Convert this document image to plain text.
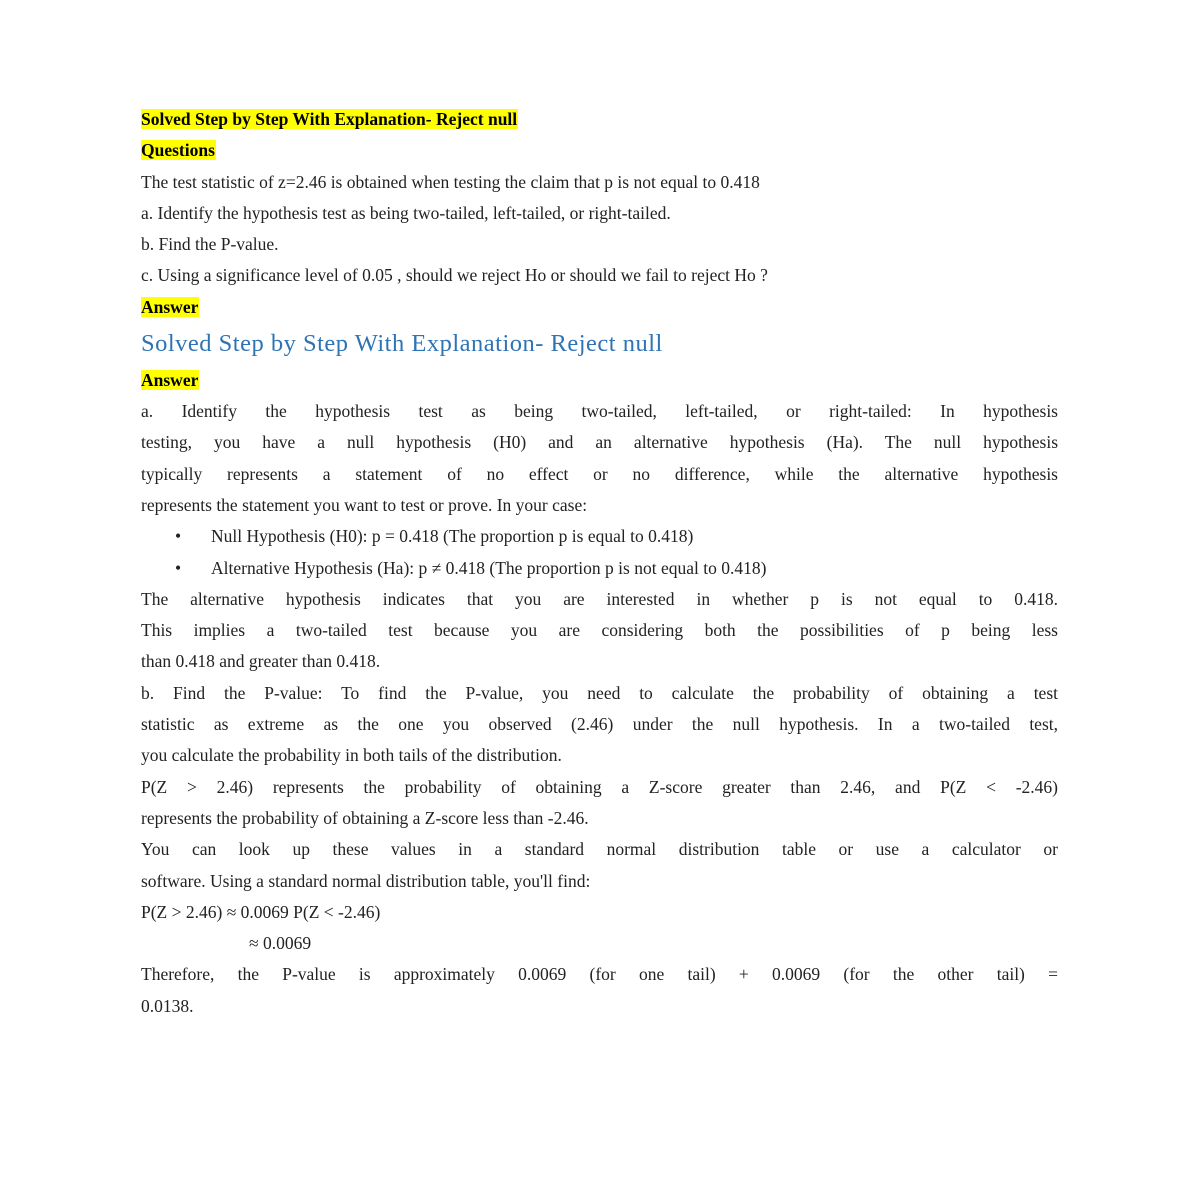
Solved Step by Step With Explanation- Reject null
Questions
The test statistic of z=2.46 is obtained when testing the claim that p is not equal to 0.418
a. Identify the hypothesis test as being two-tailed, left-tailed, or right-tailed.
b. Find the P-value.
c. Using a significance level of 0.05 , should we reject Ho or should we fail to reject Ho ?
Answer
Solved Step by Step With Explanation- Reject null
Answer
a. Identify the hypothesis test as being two-tailed, left-tailed, or right-tailed: In hypothesis
testing, you have a null hypothesis (H0) and an alternative hypothesis (Ha). The null hypothesis
typically represents a statement of no effect or no difference, while the alternative hypothesis
represents the statement you want to test or prove. In your case:
• Null Hypothesis (H0): p = 0.418 (The proportion p is equal to 0.418)
• Alternative Hypothesis (Ha): p ≠ 0.418 (The proportion p is not equal to 0.418)
The alternative hypothesis indicates that you are interested in whether p is not equal to 0.418.
This implies a two-tailed test because you are considering both the possibilities of p being less
than 0.418 and greater than 0.418.
b. Find the P-value: To find the P-value, you need to calculate the probability of obtaining a test
statistic as extreme as the one you observed (2.46) under the null hypothesis. In a two-tailed test,
you calculate the probability in both tails of the distribution.
P(Z > 2.46) represents the probability of obtaining a Z-score greater than 2.46, and P(Z < -2.46)
represents the probability of obtaining a Z-score less than -2.46.
You can look up these values in a standard normal distribution table or use a calculator or
software. Using a standard normal distribution table, you'll find:
P(Z > 2.46) ≈ 0.0069 P(Z < -2.46)
≈ 0.0069
Therefore, the P-value is approximately 0.0069 (for one tail) + 0.0069 (for the other tail) =
0.0138.
